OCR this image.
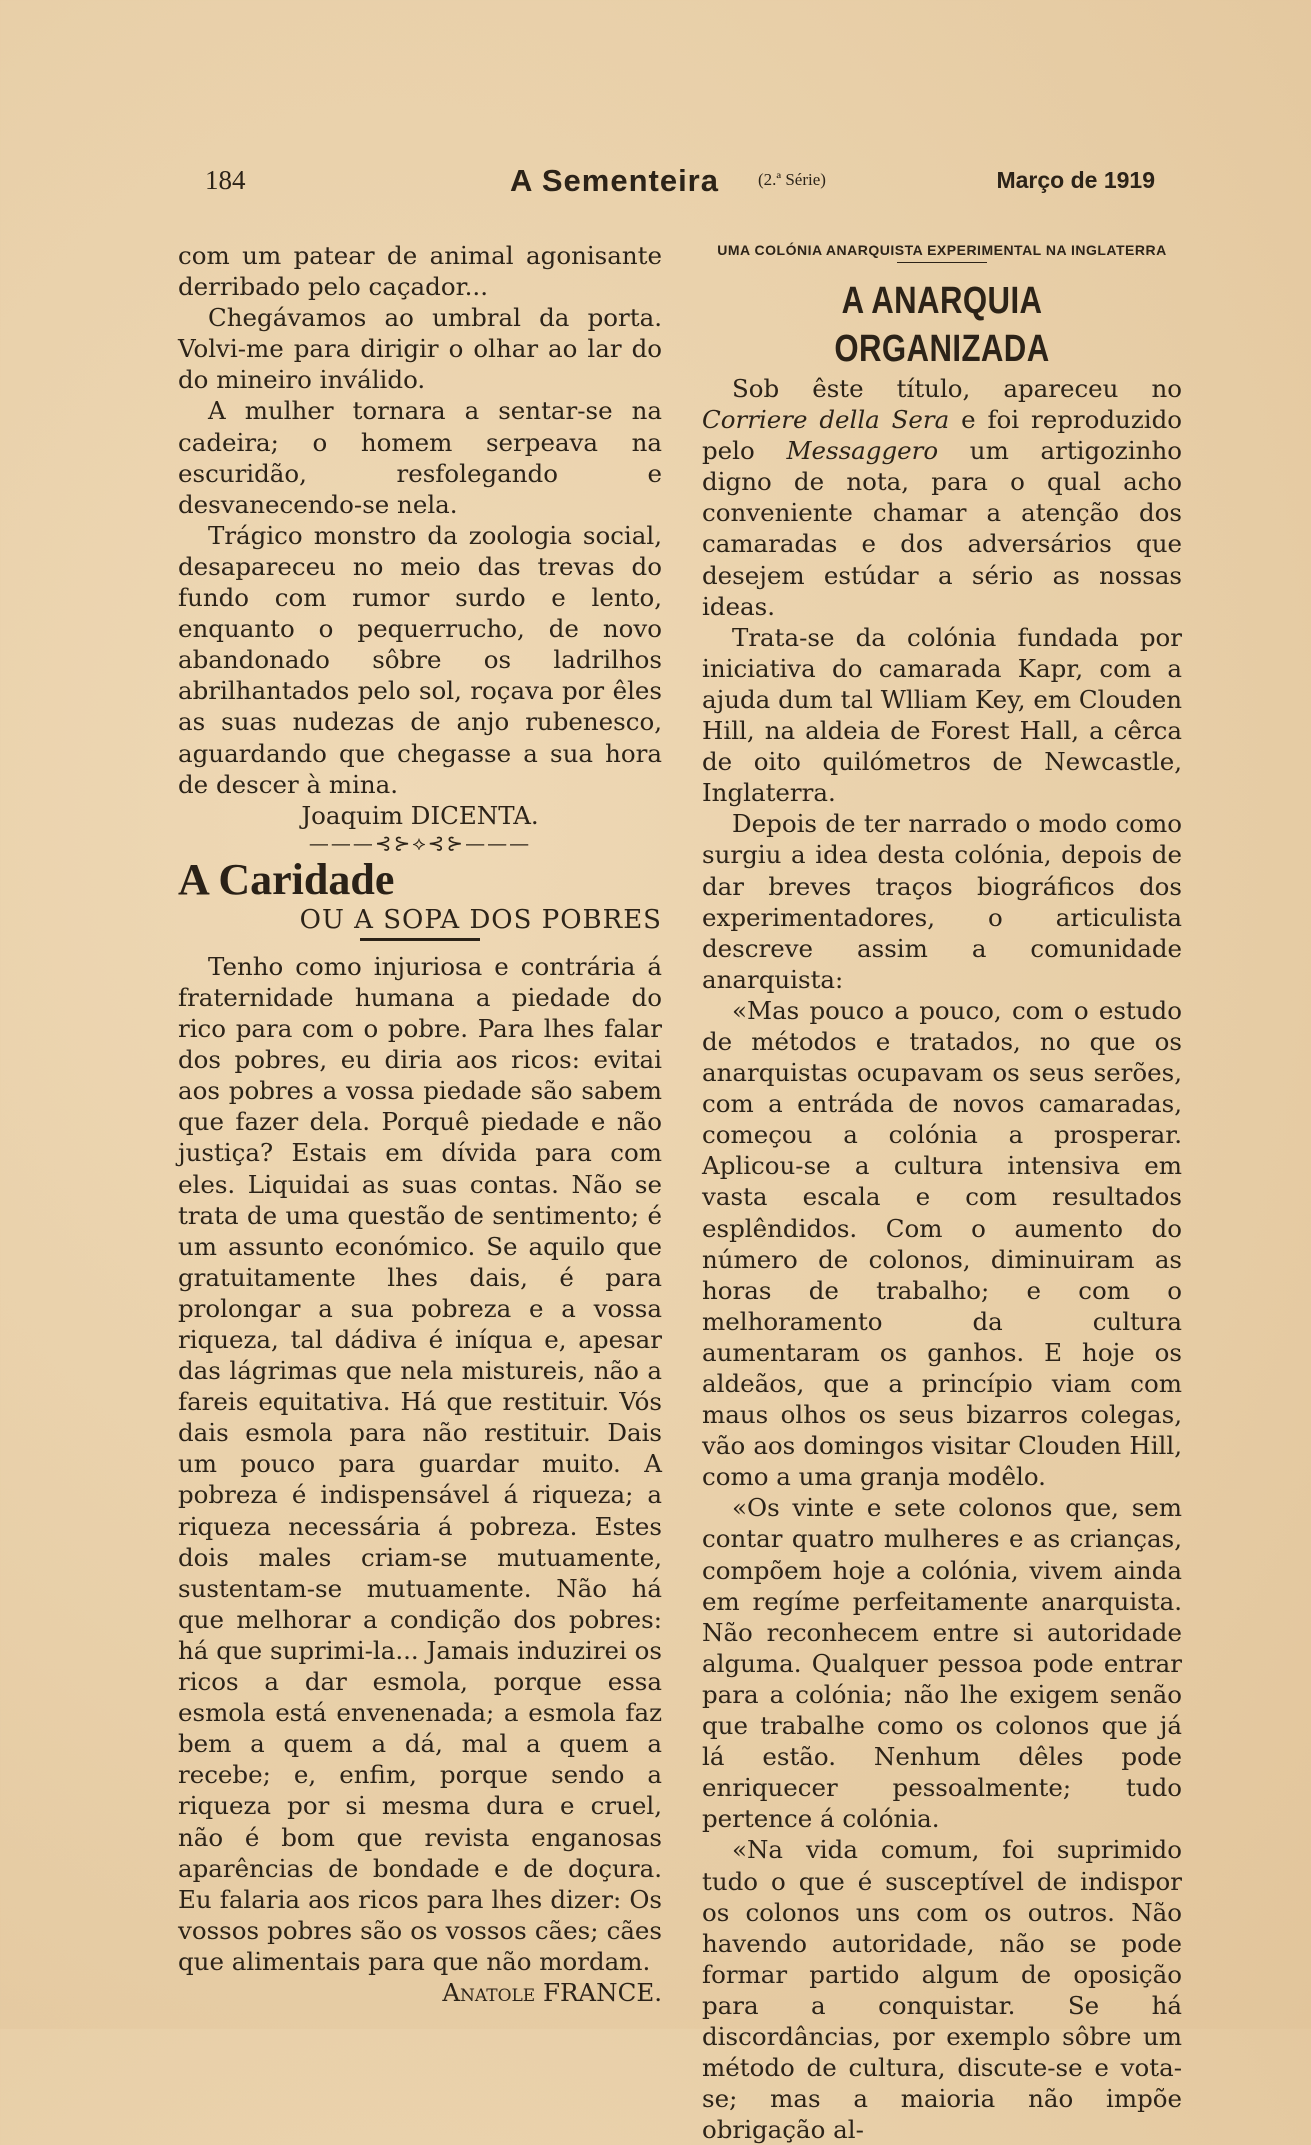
184	A Sementeira (2.ª Série)	Março de 1919

com um patear de animal agonisante derribado pelo caçador...

Chegávamos ao umbral da porta. Volvi-me para dirigir o olhar ao lar do do mineiro inválido.

A mulher tornara a sentar-se na cadeira; o homem serpeava na escuridão, resfolegando e desvanecendo-se nela.

Trágico monstro da zoologia social, desapareceu no meio das trevas do fundo com rumor surdo e lento, enquanto o pequerrucho, de novo abandonado sôbre os ladrilhos abrilhantados pelo sol, roçava por êles as suas nudezas de anjo rubenesco, aguardando que chegasse a sua hora de descer à mina.

Joaquim DICENTA.

———⊰⊱⟡⊰⊱———

A Caridade

OU A SOPA DOS POBRES

Tenho como injuriosa e contrária á fraternidade humana a piedade do rico para com o pobre. Para lhes falar dos pobres, eu diria aos ricos: evitai aos pobres a vossa piedade são sabem que fazer dela. Porquê piedade e não justiça? Estais em dívida para com eles. Liquidai as suas contas. Não se trata de uma questão de sentimento; é um assunto económico. Se aquilo que gratuitamente lhes dais, é para prolongar a sua pobreza e a vossa riqueza, tal dádiva é iníqua e, apesar das lágrimas que nela mistureis, não a fareis equitativa. Há que restituir. Vós dais esmola para não restituir. Dais um pouco para guardar muito. A pobreza é indispensável á riqueza; a riqueza necessária á pobreza. Estes dois males criam-se mutuamente, sustentam-se mutuamente. Não há que melhorar a condição dos pobres: há que suprimi-la... Jamais induzirei os ricos a dar esmola, porque essa esmola está envenenada; a esmola faz bem a quem a dá, mal a quem a recebe; e, enfim, porque sendo a riqueza por si mesma dura e cruel, não é bom que revista enganosas aparências de bondade e de doçura. Eu falaria aos ricos para lhes dizer: Os vossos pobres são os vossos cães; cães que alimentais para que não mordam.

Anatole FRANCE.

UMA COLÓNIA ANARQUISTA EXPERIMENTAL NA INGLATERRA

A ANARQUIA ORGANIZADA

Sob êste título, apareceu no Corriere della Sera e foi reproduzido pelo Messaggero um artigozinho digno de nota, para o qual acho conveniente chamar a atenção dos camaradas e dos adversários que desejem estúdar a sério as nossas ideas.

Trata-se da colónia fundada por iniciativa do camarada Kapr, com a ajuda dum tal Wlliam Key, em Clouden Hill, na aldeia de Forest Hall, a cêrca de oito quilómetros de Newcastle, Inglaterra.

Depois de ter narrado o modo como surgiu a idea desta colónia, depois de dar breves traços biográficos dos experimentadores, o articulista descreve assim a comunidade anarquista:

«Mas pouco a pouco, com o estudo de métodos e tratados, no que os anarquistas ocupavam os seus serões, com a entráda de novos camaradas, começou a colónia a prosperar. Aplicou-se a cultura intensiva em vasta escala e com resultados esplêndidos. Com o aumento do número de colonos, diminuiram as horas de trabalho; e com o melhoramento da cultura aumentaram os ganhos. E hoje os aldeãos, que a princípio viam com maus olhos os seus bizarros colegas, vão aos domingos visitar Clouden Hill, como a uma granja modêlo.

«Os vinte e sete colonos que, sem contar quatro mulheres e as crianças, compõem hoje a colónia, vivem ainda em regíme perfeitamente anarquista. Não reconhecem entre si autoridade alguma. Qualquer pessoa pode entrar para a colónia; não lhe exigem senão que trabalhe como os colonos que já lá estão. Nenhum dêles pode enriquecer pessoalmente; tudo pertence á colónia.

«Na vida comum, foi suprimido tudo o que é susceptível de indispor os colonos uns com os outros. Não havendo autoridade, não se pode formar partido algum de oposição para a conquistar. Se há discordâncias, por exemplo sôbre um método de cultura, discute-se e vota-se; mas a maioria não impõe obrigação al-
